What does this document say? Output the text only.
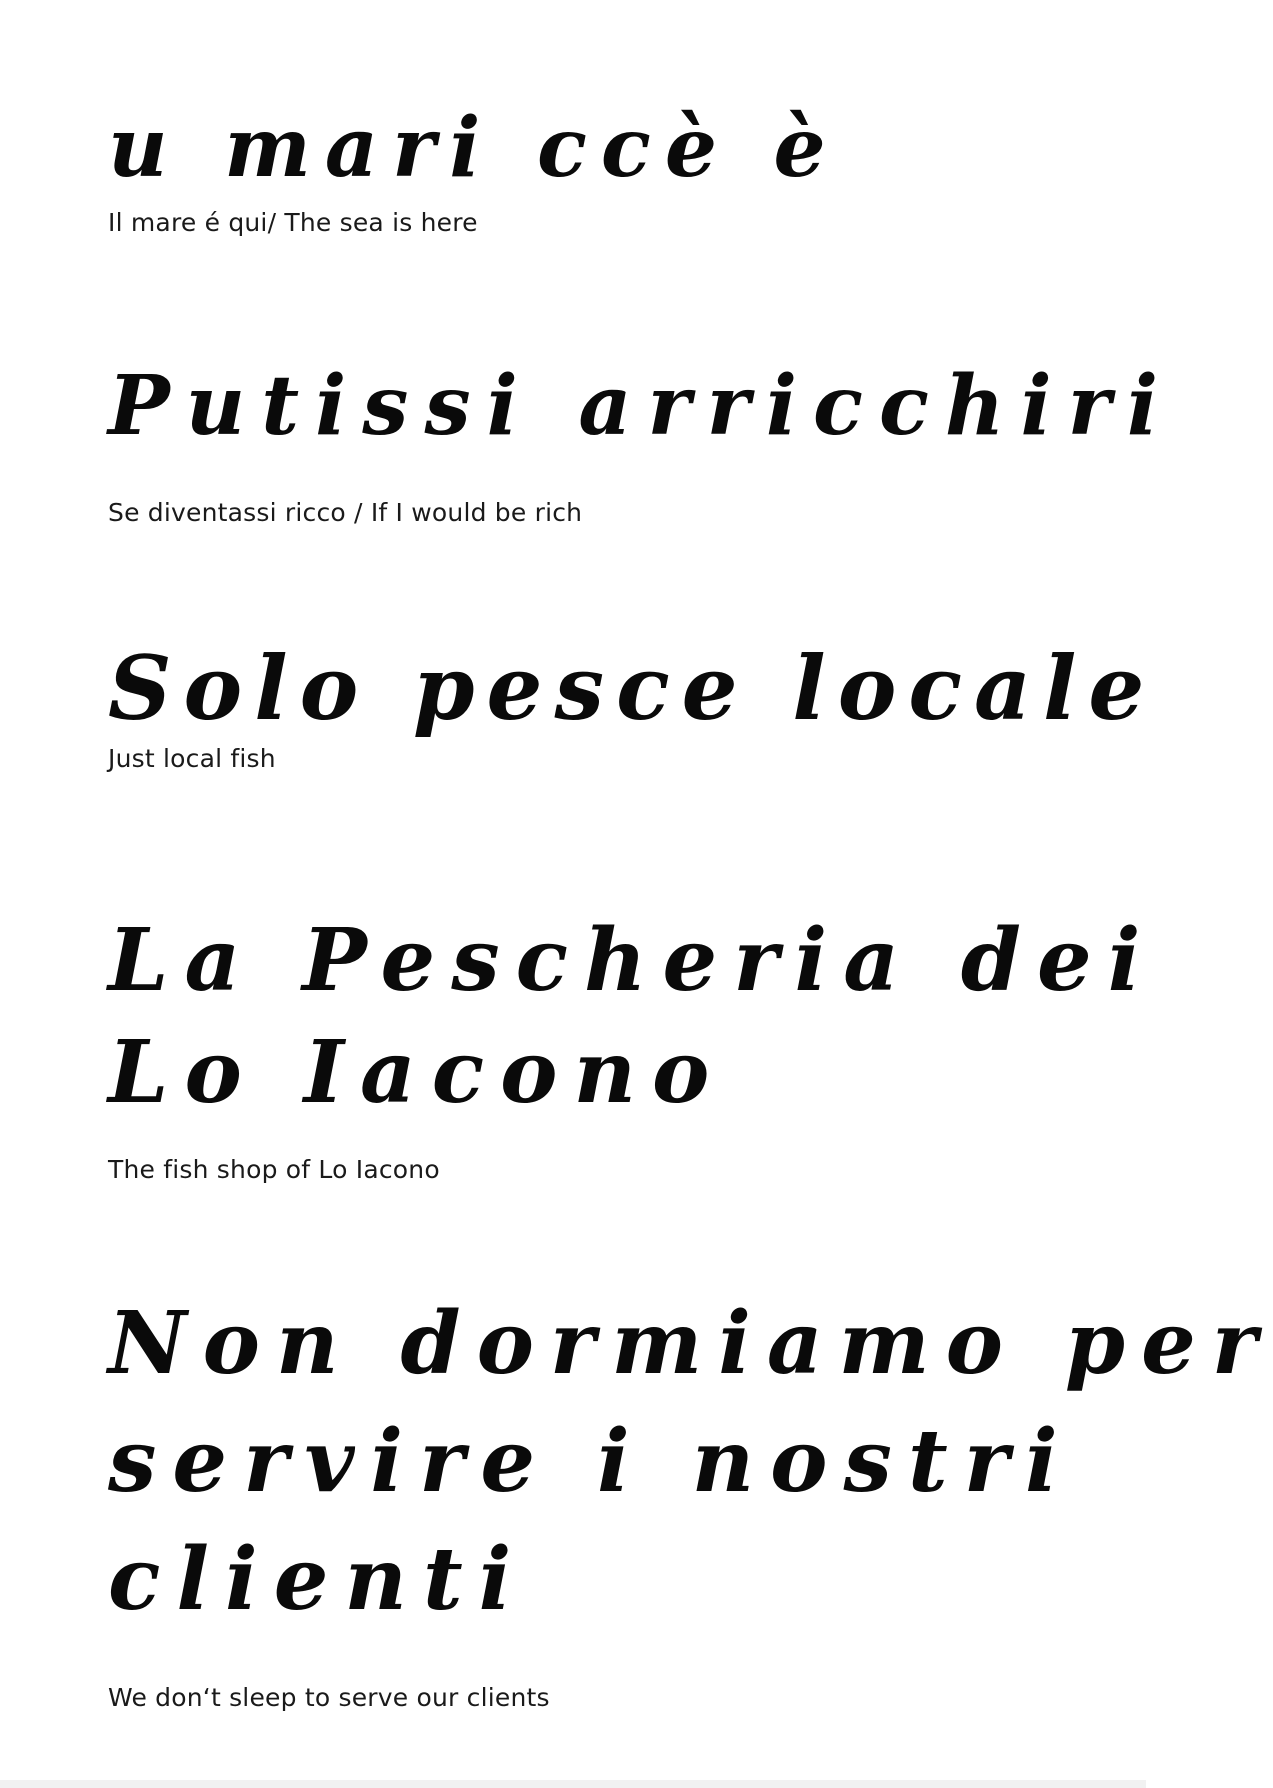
u mari ccè è
Il mare é qui/ The sea is here
Putissi arricchiri
Se diventassi ricco / If I would be rich
Solo pesce locale
Just local fish
La Pescheria dei
Lo Iacono
The fish shop of Lo Iacono
Non dormiamo per
servire i nostri
clienti
We don‘t sleep to serve our clients
